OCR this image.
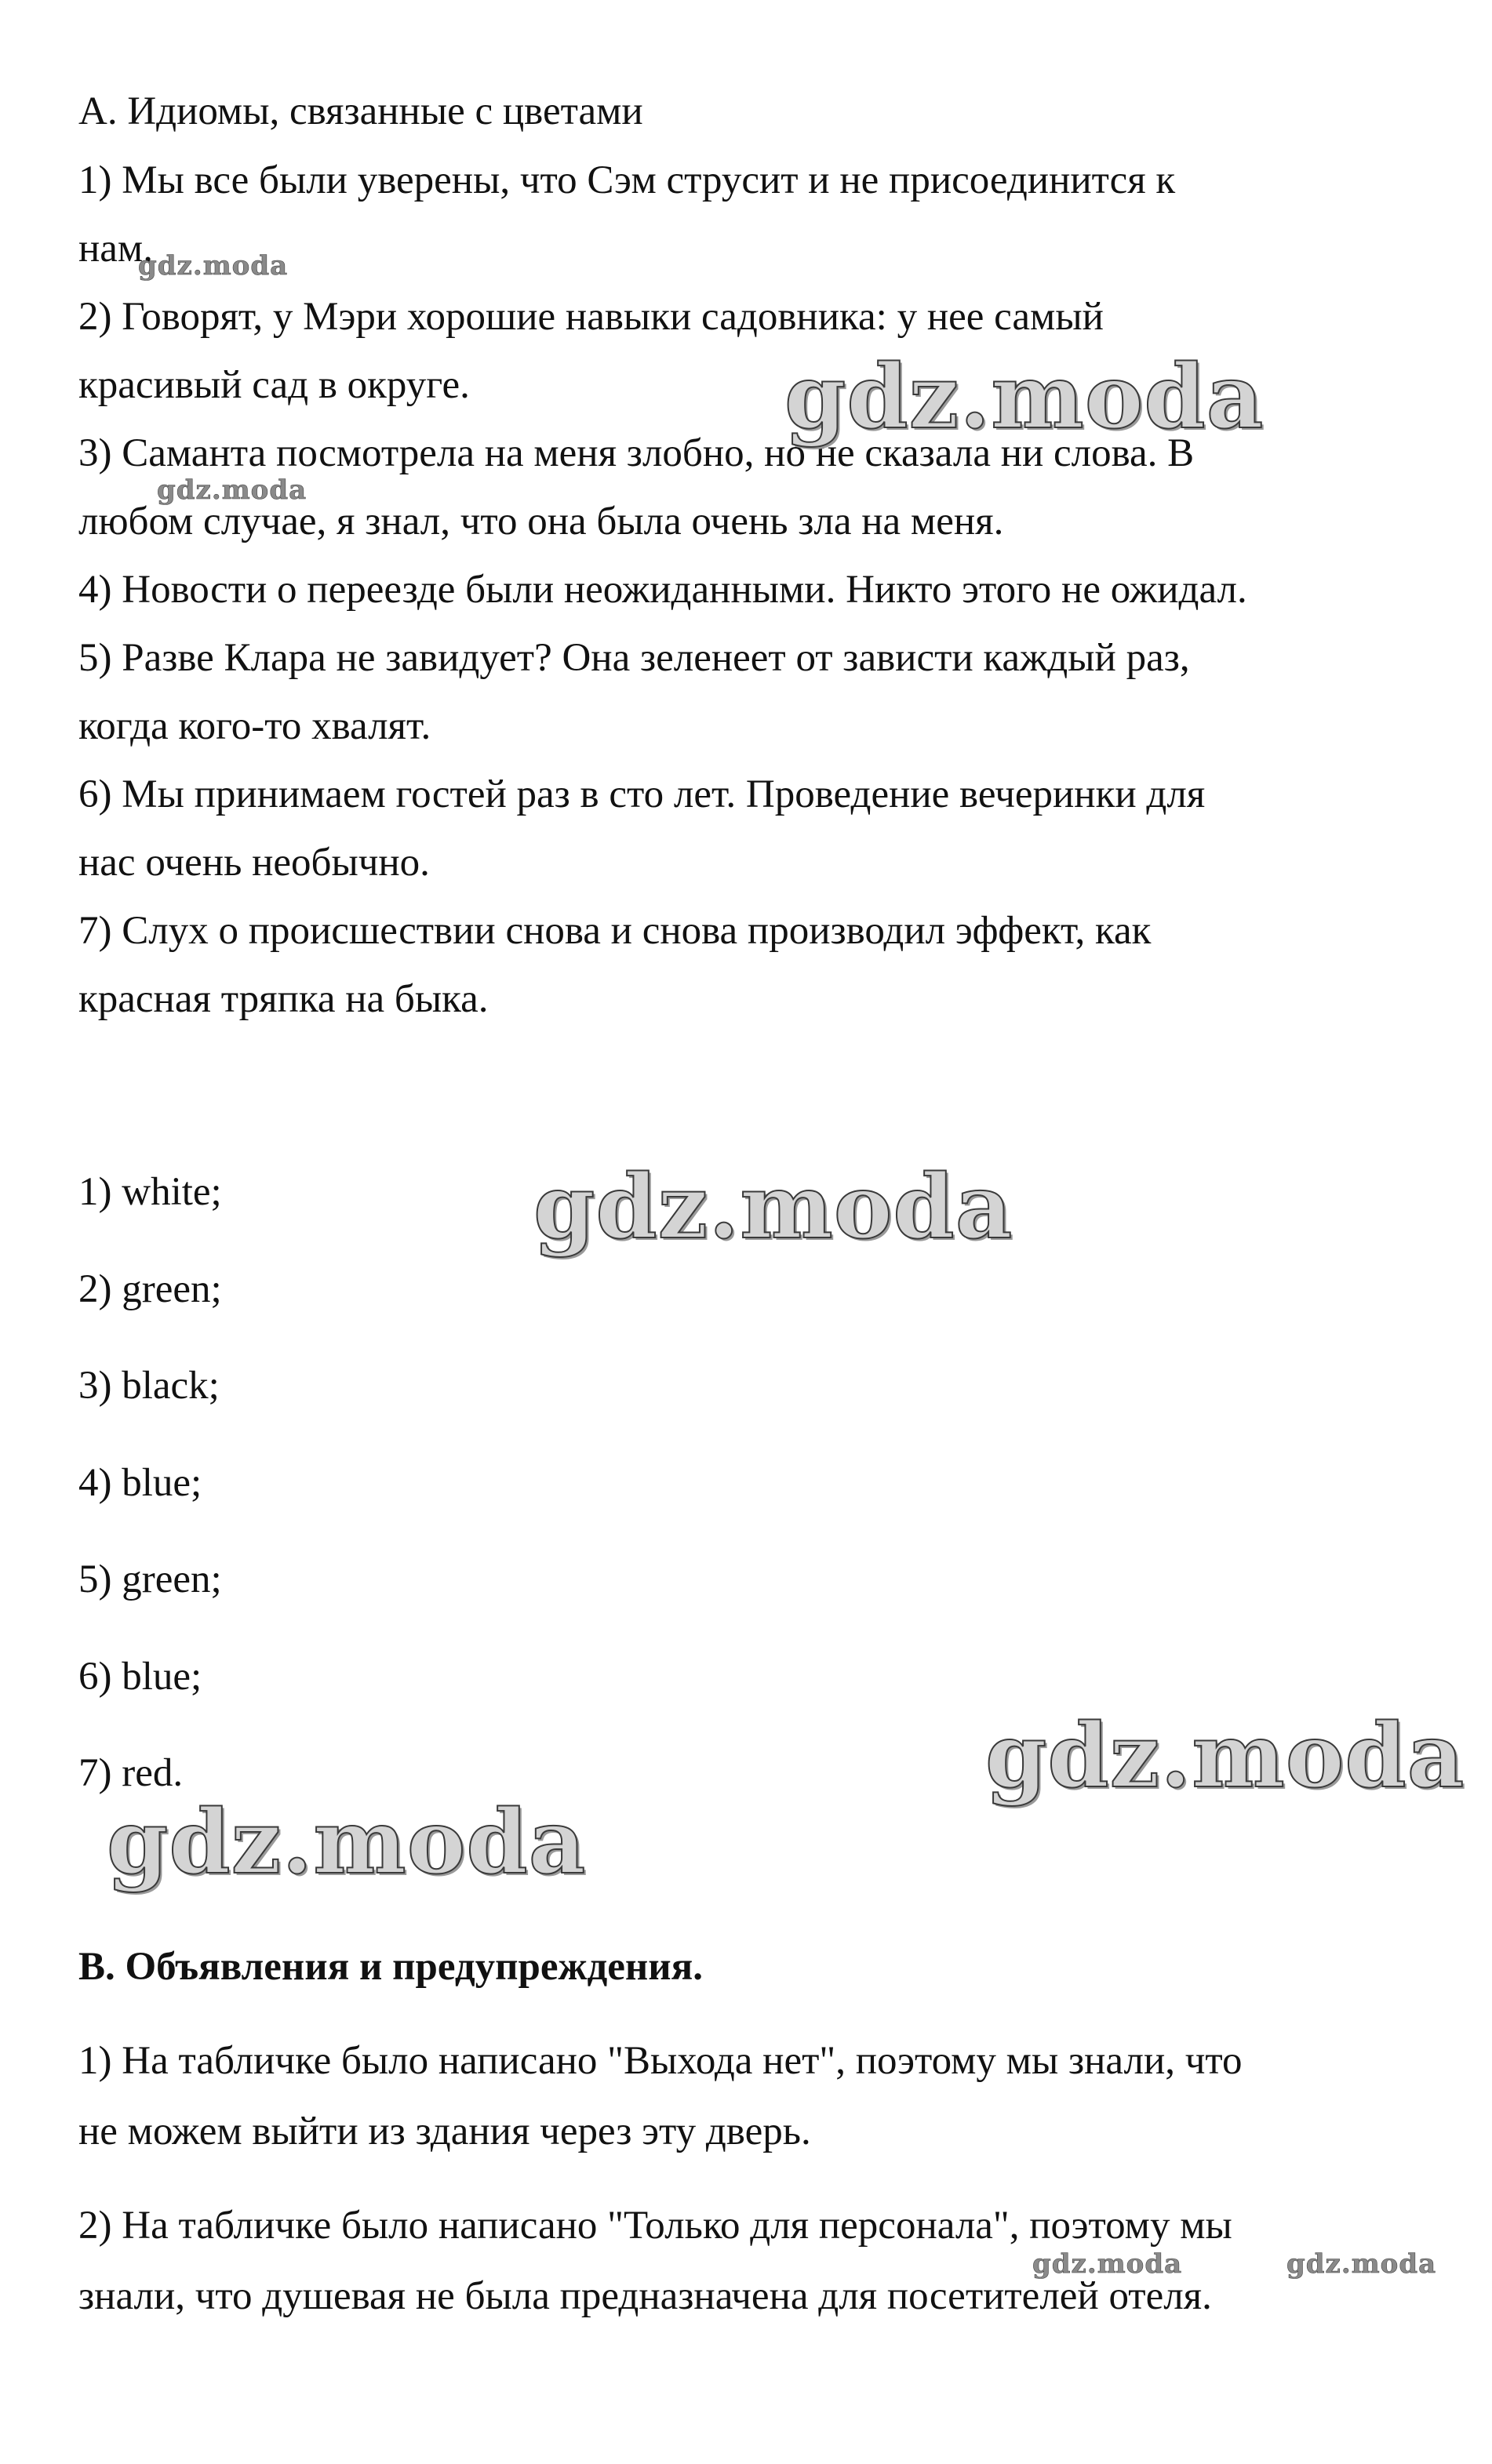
A. Идиомы, связанные с цветами
1) Мы все были уверены, что Сэм струсит и не присоединится к
нам.
2) Говорят, у Мэри хорошие навыки садовника: у нее самый
красивый сад в округе.
3) Саманта посмотрела на меня злобно, но не сказала ни слова. В
любом случае, я знал, что она была очень зла на меня.
4) Новости о переезде были неожиданными. Никто этого не ожидал.
5) Разве Клара не завидует? Она зеленеет от зависти каждый раз,
когда кого-то хвалят.
6) Мы принимаем гостей раз в сто лет. Проведение вечеринки для
нас очень необычно.
7) Слух о происшествии снова и снова производил эффект, как
красная тряпка на быка.
1) white;
2) green;
3) black;
4) blue;
5) green;
6) blue;
7) red.
B. Объявления и предупреждения.
1) На табличке было написано "Выхода нет", поэтому мы знали, что
не можем выйти из здания через эту дверь.
2) На табличке было написано "Только для персонала", поэтому мы
знали, что душевая не была предназначена для посетителей отеля.
gdz.moda
gdz.moda
gdz.moda
gdz.moda
gdz.moda
gdz.moda
gdz.moda	gdz.moda
